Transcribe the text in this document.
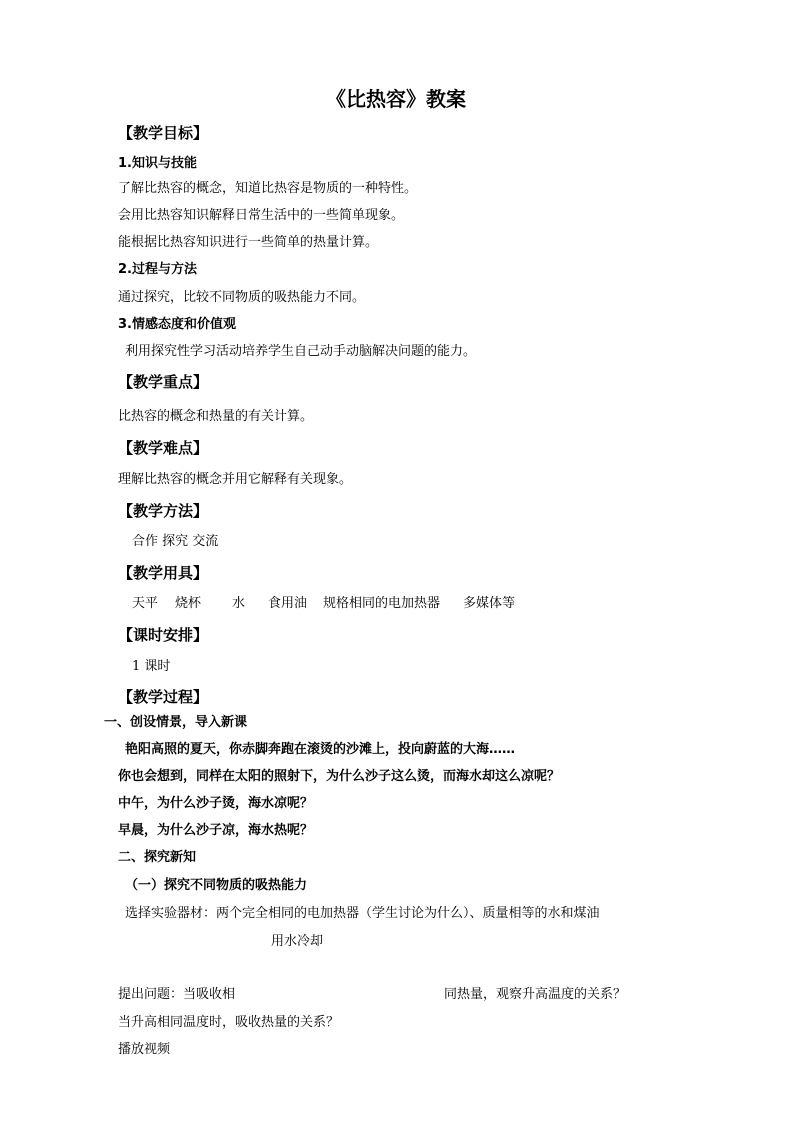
《比热容》教案
【教学目标】
1.知识与技能
了解比热容的概念，知道比热容是物质的一种特性。
会用比热容知识解释日常生活中的一些简单现象。
能根据比热容知识进行一些简单的热量计算。
2.过程与方法
通过探究，比较不同物质的吸热能力不同。
3.情感态度和价值观
利用探究性学习活动培养学生自己动手动脑解决问题的能力。
【教学重点】
比热容的概念和热量的有关计算。
【教学难点】
理解比热容的概念并用它解释有关现象。
【教学方法】
合作 探究 交流
【教学用具】
天平 烧杯 水 食用油 规格相同的电加热器 多媒体等
【课时安排】
1 课时
【教学过程】
一、创设情景，导入新课
艳阳高照的夏天，你赤脚奔跑在滚烫的沙滩上，投向蔚蓝的大海……
你也会想到，同样在太阳的照射下，为什么沙子这么烫，而海水却这么凉呢？
中午，为什么沙子烫，海水凉呢？
早晨，为什么沙子凉，海水热呢？
二、探究新知
（一）探究不同物质的吸热能力
选择实验器材：两个完全相同的电加热器（学生讨论为什么）、质量相等的水和煤油
用水冷却
提出问题：当吸收相	同热量，观察升高温度的关系？
当升高相同温度时，吸收热量的关系？
播放视频
